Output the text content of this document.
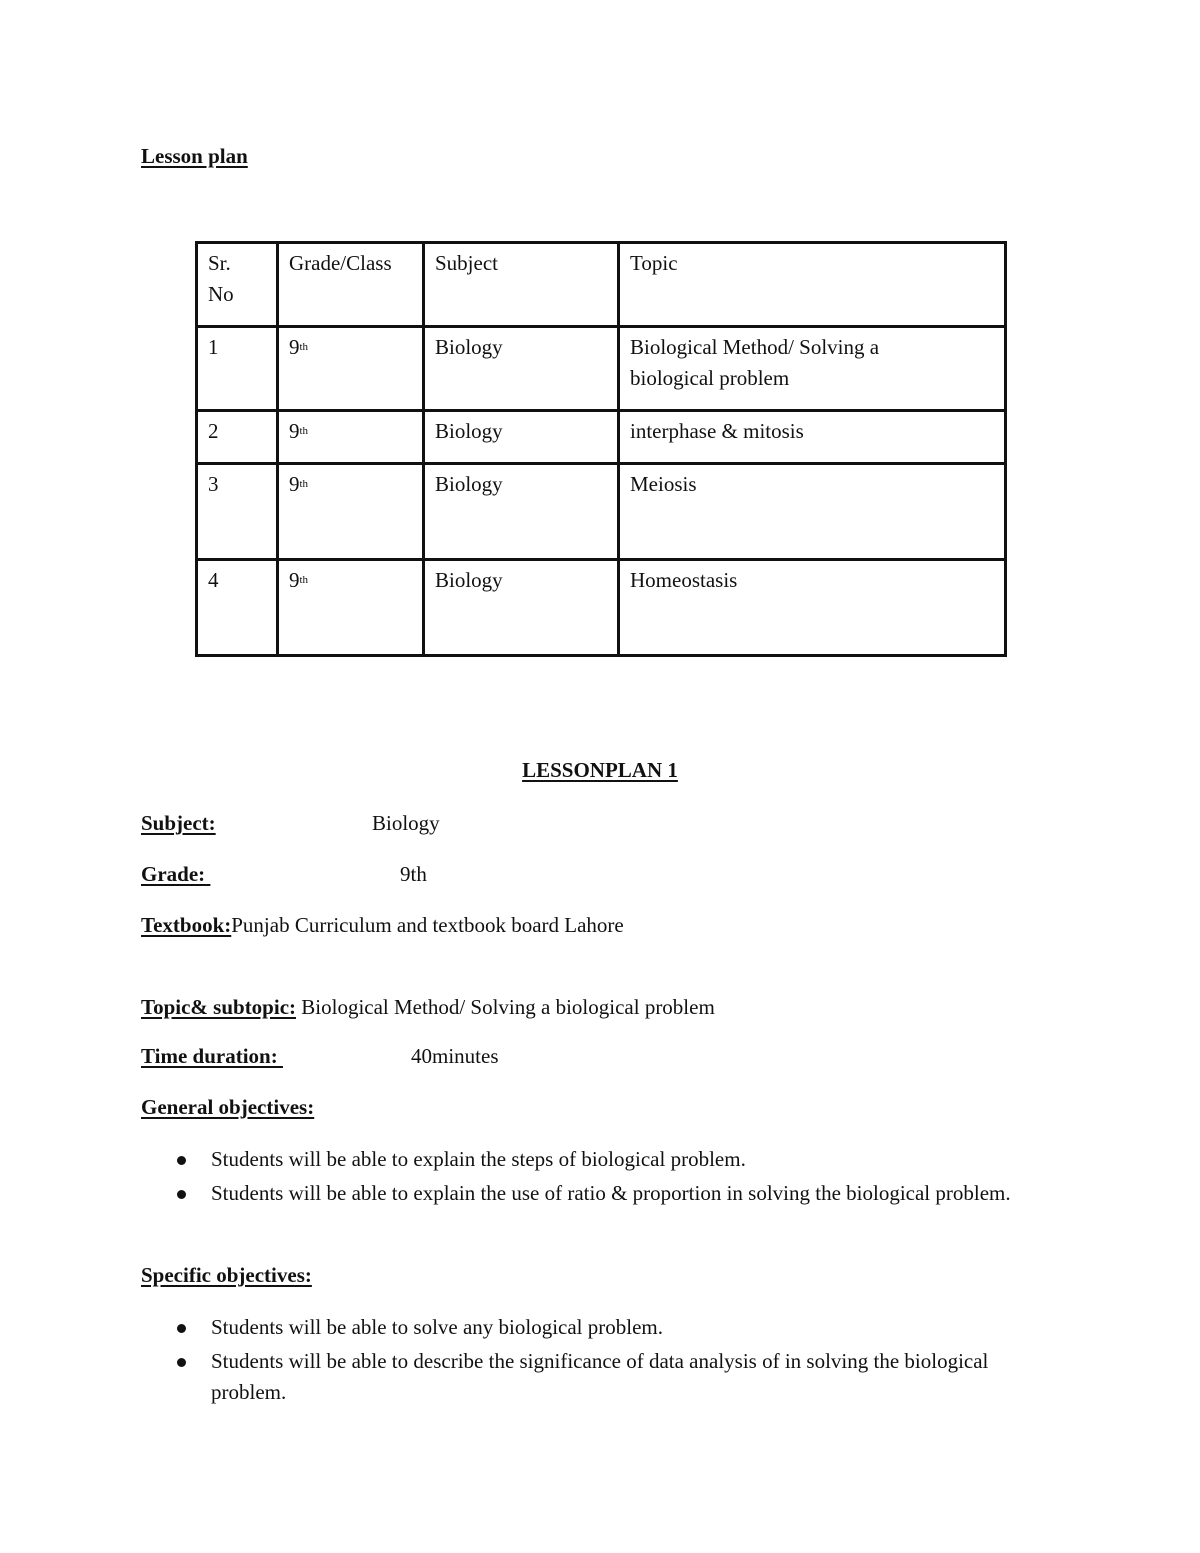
Lesson plan

Sr.
No	Grade/Class	Subject	Topic
1	9th	Biology	Biological Method/ Solving a
biological problem
2	9th	Biology	interphase & mitosis
3	9th	Biology	Meiosis
4	9th	Biology	Homeostasis

LESSONPLAN 1

Subject:	Biology

Grade:	9th

Textbook:Punjab Curriculum and textbook board Lahore

Topic& subtopic: Biological Method/ Solving a biological problem

Time duration:	40minutes

General objectives:

Students will be able to explain the steps of biological problem.
Students will be able to explain the use of ratio & proportion in solving the biological problem.

Specific objectives:

Students will be able to solve any biological problem.
Students will be able to describe the significance of data analysis of in solving the biological problem.
